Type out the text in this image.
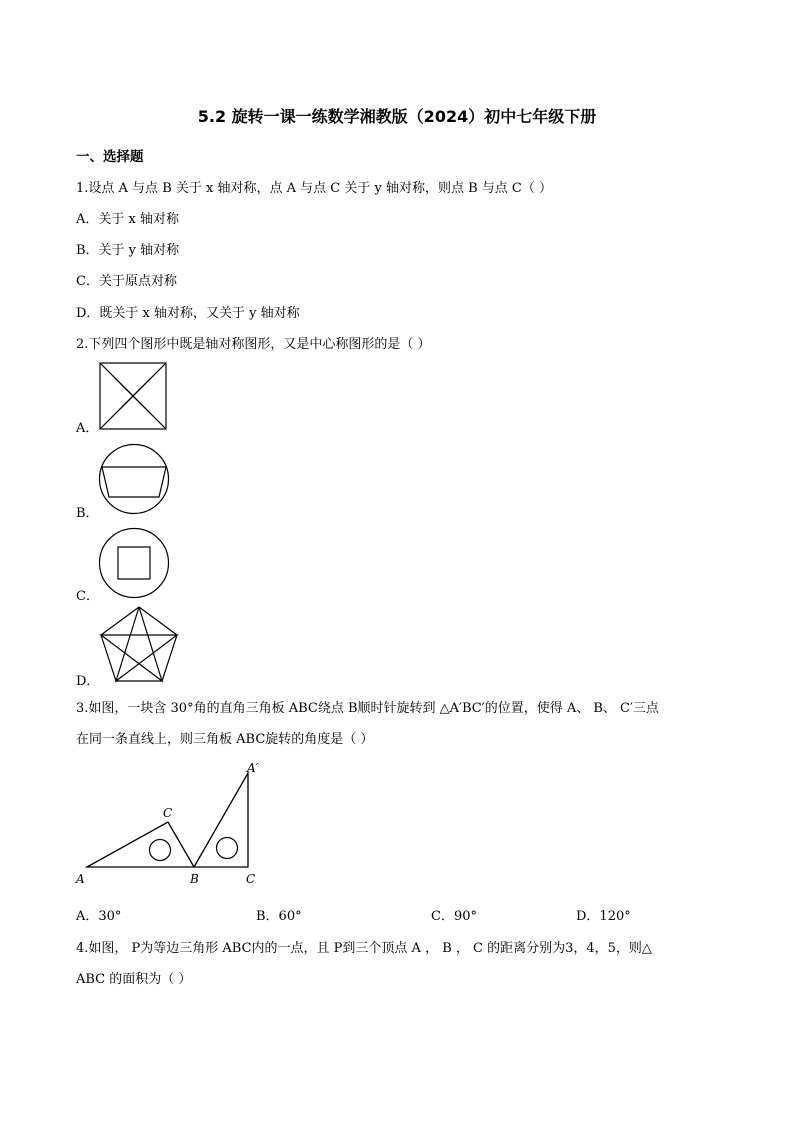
5.2 旋转一课一练数学湘教版（2024）初中七年级下册
一、选择题
1.设点 A 与点 B 关于 x 轴对称，点 A 与点 C 关于 y 轴对称，则点 B 与点 C（ ）
A．关于 x 轴对称
B．关于 y 轴对称
C．关于原点对称
D．既关于 x 轴对称，又关于 y 轴对称
2.下列四个图形中既是轴对称图形，又是中心称图形的是（ ）
A．
B．
C．
D．
3.如图，一块含 30°角的直角三角板 ABC绕点 B顺时针旋转到 △A′BC′的位置，使得 A、 B、 C′三点
在同一条直线上，则三角板 ABC旋转的角度是（ ）
A
C
B	C
A′
A．30°	B．60°	C．90°	D．120°
4.如图， P为等边三角形 ABC内的一点，且 P到三个顶点 A ， B ， C 的距离分别为3，4，5，则△
ABC 的面积为（ ）
